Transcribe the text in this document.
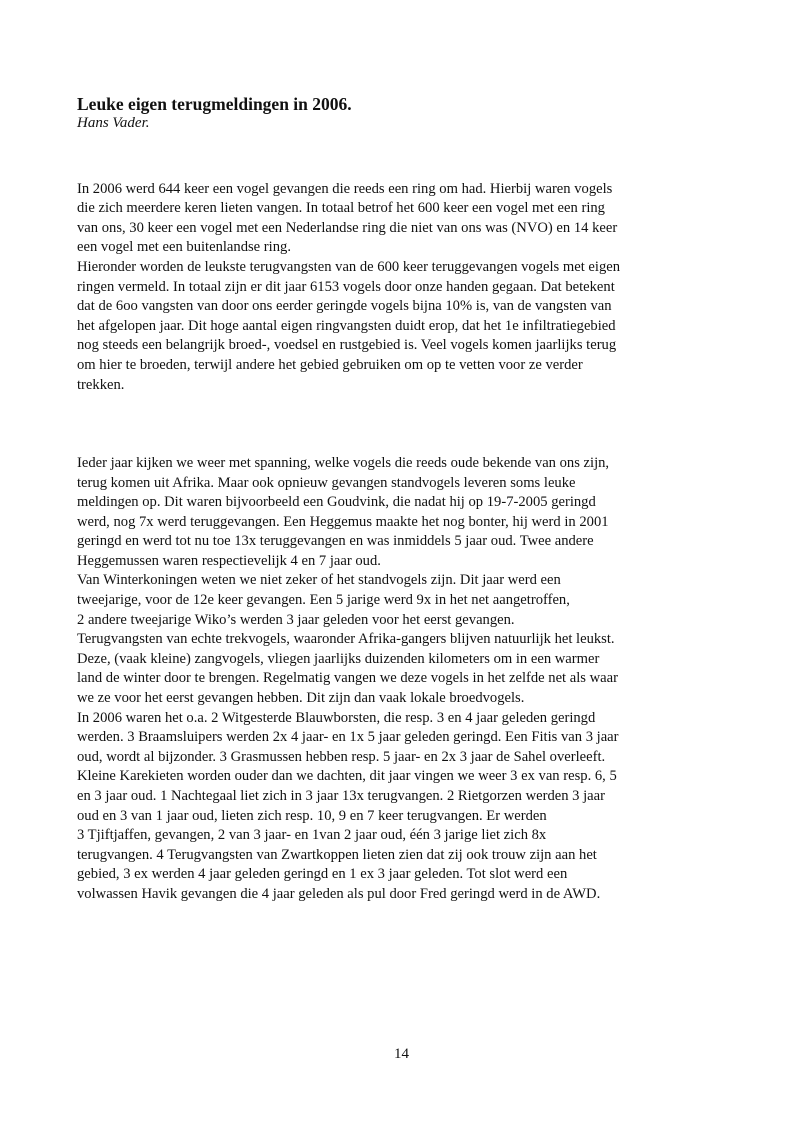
Leuke eigen terugmeldingen in 2006.

Hans Vader.

In 2006 werd 644 keer een vogel gevangen die reeds een ring om had. Hierbij waren vogels
die zich meerdere keren lieten vangen. In totaal betrof het 600 keer een vogel met een ring
van ons, 30 keer een vogel met een Nederlandse ring die niet van ons was (NVO) en 14 keer
een vogel met een buitenlandse ring.
Hieronder worden de leukste terugvangsten van de 600 keer teruggevangen vogels met eigen
ringen vermeld. In totaal zijn er dit jaar 6153 vogels door onze handen gegaan. Dat betekent
dat de 6oo vangsten van door ons eerder geringde vogels bijna 10% is, van de vangsten van
het afgelopen jaar. Dit hoge aantal eigen ringvangsten duidt erop, dat het 1e infiltratiegebied
nog steeds een belangrijk broed-, voedsel en rustgebied is. Veel vogels komen jaarlijks terug
om hier te broeden, terwijl andere het gebied gebruiken om op te vetten voor ze verder
trekken.

Ieder jaar kijken we weer met spanning, welke vogels die reeds oude bekende van ons zijn,
terug komen uit Afrika. Maar ook opnieuw gevangen standvogels leveren soms leuke
meldingen op. Dit waren bijvoorbeeld een Goudvink, die nadat hij op 19-7-2005 geringd
werd, nog 7x werd teruggevangen. Een Heggemus maakte het nog bonter, hij werd in 2001
geringd en werd tot nu toe 13x teruggevangen en was inmiddels 5 jaar oud. Twee andere
Heggemussen waren respectievelijk 4 en 7 jaar oud.
Van Winterkoningen weten we niet zeker of het standvogels zijn. Dit jaar werd een
tweejarige, voor de 12e keer gevangen. Een 5 jarige werd 9x in het net aangetroffen,
2 andere tweejarige Wiko’s werden 3 jaar geleden voor het eerst gevangen.
Terugvangsten van echte trekvogels, waaronder Afrika-gangers blijven natuurlijk het leukst.
Deze, (vaak kleine) zangvogels, vliegen jaarlijks duizenden kilometers om in een warmer
land de winter door te brengen. Regelmatig vangen we deze vogels in het zelfde net als waar
we ze voor het eerst gevangen hebben. Dit zijn dan vaak lokale broedvogels.
In 2006 waren het o.a. 2 Witgesterde Blauwborsten, die resp. 3 en 4 jaar geleden geringd
werden. 3 Braamsluipers werden 2x 4 jaar- en 1x 5 jaar geleden geringd. Een Fitis van 3 jaar
oud, wordt al bijzonder. 3 Grasmussen hebben resp. 5 jaar- en 2x 3 jaar de Sahel overleeft.
Kleine Karekieten worden ouder dan we dachten, dit jaar vingen we weer 3 ex van resp. 6, 5
en 3 jaar oud. 1 Nachtegaal liet zich in 3 jaar 13x terugvangen. 2 Rietgorzen werden 3 jaar
oud en 3 van 1 jaar oud, lieten zich resp. 10, 9 en 7 keer terugvangen. Er werden
3 Tjiftjaffen, gevangen, 2 van 3 jaar- en 1van 2 jaar oud, één 3 jarige liet zich 8x
terugvangen. 4 Terugvangsten van Zwartkoppen lieten zien dat zij ook trouw zijn aan het
gebied, 3 ex werden 4 jaar geleden geringd en 1 ex 3 jaar geleden. Tot slot werd een
volwassen Havik gevangen die 4 jaar geleden als pul door Fred geringd werd in de AWD.

14
